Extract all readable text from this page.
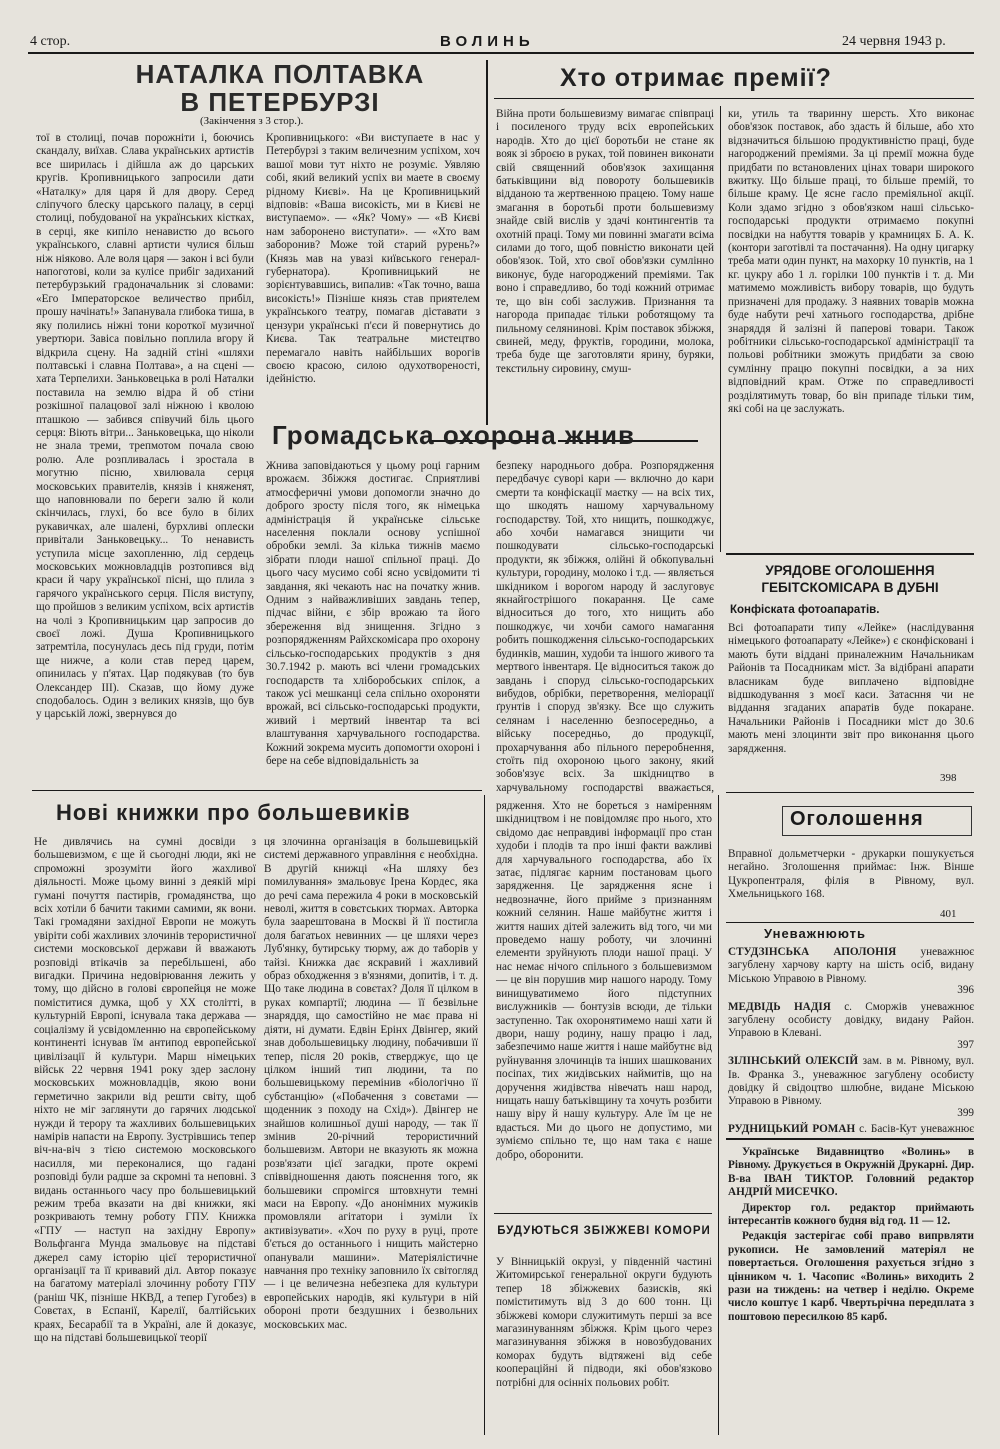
4 стор.	ВОЛИНЬ	24 червня 1943 р.
НАТАЛКА ПОЛТАВКА
В ПЕТЕРБУРЗІ
(Закінчення з 3 стор.).
тої в столиці, почав порожніти і, боючись скандалу, виїхав. Слава українських артистів все ширилась і дійшла аж до царських кругів. Кропивницького запросили дати «Наталку» для царя й для двору. Серед сліпучого блеску царського палацу, в серці столиці, побудованої на українських кістках, в серці, яке кипіло ненавистю до всього українського, славні артисти чулися більш ніж ніяково. Але воля царя — закон і всі були напоготові, коли за кулісе прибіг задиханий петербурзький градоначальник зі словами: «Его Імператорское величество прибіл, прошу начінать!» Запанувала глибока тиша, в яку полились ніжні тони короткої музичної увертюри. Завіса повільно поплила вгору й відкрила сцену. На задній стіні «шляхи полтавські і славна Полтава», а на сцені — хата Терпелихи. Заньковецька в ролі Наталки поставила на землю відра й об стіни розкішної палацової залі ніжною і кволою пташкою — забився співучий біль цього серця: Віють вітри... Заньковецька, що ніколи не знала треми, трепмотом почала свою ролю. Але розпливалась і зростала в могутню пісню, хвилювала серця московських правителів, князів і княженят, що наповнювали по береги залю й коли скінчилась, глухі, бо все було в білих рукавичках, але шалені, бурхливі оплески привітали Заньковецьку... То ненависть уступила місце захопленню, лід сердець московських можновладців розтопився від краси й чару української пісні, що плила з гарячого українського серця. Після виступу, що пройшов з великим успіхом, всіх артистів на чолі з Кропивницьким цар запросив до своєї ложі. Душа Кропивницького затремтіла, посунулась десь під груди, потім ще нижче, а коли став перед царем, опинилась у п'ятах. Цар подякував (то був Олександер III). Сказав, що йому дуже сподобалось. Один з великих князів, що був у царській ложі, звернувся до
Кропивницького: «Ви виступаете в нас у Петербурзі з таким величезним успіхом, хоч вашої мови тут ніхто не розуміє. Уявляю собі, який великий успіх ви маете в своєму рідному Києві». На це Кропивницький відповів: «Ваша високість, ми в Києві не виступаемо». — «Як? Чому» — «В Києві нам заборонено виступати». — «Хто вам заборонив? Може той старий рурень?» (Князь мав на увазі київського генерал-губернатора). Кропивницький не зорієнтувавшись, випалив: «Так точно, ваша високість!» Пізніше князь став приятелем українського театру, помагав діставати з цензури українські п'єси й повернутись до Києва. Так театральне мистецтво перемагало навіть найбільших ворогів своєю красою, силою одухотвореності, ідейністю.
Хто отримає премії?
Війна проти большевизму вимагає співпраці і посиленого труду всіх европейських народів. Хто до цієї боротьби не стане як вояк зі зброєю в руках, той повинен виконати свій священний обов'язок захищання батьківщини від повороту большевиків відданою та жертвенною працею. Тому наше змагання в боротьбі проти большевизму знайде свій вислів у здачі контингентів та охотній праці. Тому ми повинні змагати всіма силами до того, щоб повністю виконати цей обов'язок. Той, хто свої обов'язки сумлінно виконує, буде нагороджений преміями. Так воно і справедливо, бо тоді кожний отримає те, що він собі заслужив. Признання та нагорода припадає тільки роботящому та пильному селянинові. Крім поставок збіжжя, свиней, меду, фруктів, городини, молока, треба буде ще заготовляти ярину, буряки, текстильну сировину, смуш-
ки, утиль та тваринну шерсть. Хто виконає обов'язок поставок, або здасть й більше, або хто відзначиться більшою продуктивністю праці, буде нагороджений преміями. За ці премії можна буде придбати по встановлених цінах товари широкого вжитку. Що більше праці, то більше премій, то більше краму. Це ясне гасло преміяльної акції. Коли здамо згідно з обов'язком наші сільсько-господарські продукти отримаємо покупні посвідки на набуття товарів у крамницях Б. А. К. (контори заготівлі та постачання). На одну цигарку треба мати один пункт, на махорку 10 пунктів, на 1 кг. цукру або 1 л. горілки 100 пунктів і т. д. Ми матимемо можливість вибору товарів, що будуть призначені для продажу. З наявних товарів можна буде набути речі хатнього господарства, дрібне знаряддя й залізні й паперові товари. Також робітники сільсько-господарської адміністрації та польові робітники зможуть придбати за свою сумлінну працю покупні посвідки, а за них відповідний крам. Отже по справедливості розділятимуть товар, бо він припаде тільки тим, які собі на це заслужать.
Громадська охорона жнив
Жнива заповідаються у цьому році гарним врожаєм. Збіжжя достигає. Сприятливі атмосферичні умови допомогли значно до доброго зросту після того, як німецька адміністрація й українське сільське населення поклали основу успішної обробки землі. За кілька тижнів маємо зібрати плоди нашої спільної праці. До цього часу мусимо собі ясно усвідомити ті завдання, які чекають нас на початку жнив. Одним з найважливіших завдань тепер, підчас війни, є збір врожаю та його збереження від знищення. Згідно з розпорядженням Райхскомісара про охорону сільсько-господарських продуктів з дня 30.7.1942 р. мають всі члени громадських господарств та хліборобських спілок, а також усі мешканці села спільно охороняти врожай, всі сільсько-господарські продукти, живий і мертвий інвентар та всі влаштування харчувального господарства. Кожний зокрема мусить допомогти охороні і бере на себе відповідальність за
безпеку народнього добра. Розпорядження передбачує суворі кари — включно до кари смерти та конфіскації маєтку — на всіх тих, що шкодять нашому харчувальному господарству. Той, хто нищить, пошкоджує, або хочби намагався знищити чи пошкодувати сільсько-господарські продукти, як збіжжя, олійні й обкопувальні культури, городину, молоко і т.д. — являється шкідником і ворогом народу й заслуговує якнайгострішого покарання. Це саме відноситься до того, хто нищить або пошкоджує, чи хочби самого намагання робить пошкодження сільсько-господарських будинків, машин, худоби та іншого живого та мертвого інвентаря. Це відноситься також до завдань і споруд сільсько-господарських вибудов, обрібки, перетворення, меліорації ґрунтів і споруд зв'язку. Все що служить селянам і населенню безпосередньо, а війську посередньо, до продукції, прохарчування або пільного переробнення, стоїть під охороною цього закону, який зобов'язує всіх. За шкідництво в харчувальному господарстві вважається,
рядження. Хто не бореться з наміренням шкідництвом і не повідомляє про нього, хто свідомо дає неправдиві інформації про стан худоби і плодів та про інші факти важливі для харчувального господарства, або їх затає, підлягає карним постановам цього зарядження. Це зарядження ясне і недвозначне, його прийме з признанням кожний селянин. Наше майбутнє життя і життя наших дітей залежить від того, чи ми проведемо нашу роботу, чи злочинні елементи зруйнують плоди нашої праці. У нас немає нічого спільного з большевизмом — це він порушив мир нашого народу. Тому винищуватимемо його підступних вислужників — бонтузів всюди, де тільки заступенно. Так охоронятимемо наші хати й двори, нашу родину, нашу працю і лад, забезпечимо наше життя і наше майбутнє від руйнування злочинців та інших шашкованих посіпах, тих жидівських наймитів, що на доручення жидівства нівечать наш народ, нищать нашу батьківщину та хочуть розбити нашу віру й нашу культуру. Але їм це не вдасться. Ми до цього не допустимо, ми зуміємо спільно те, що нам така є наше добро, оборонити.
БУДУЮТЬСЯ ЗБІЖЖЕВІ КОМОРИ
У Вінницькій окрузі, у південній частині Житомирської генеральної округи будують тепер 18 збіжжевих базисків, які поміститимуть від 3 до 600 тонн. Ці збіжжеві комори служитимуть перші за все магазинуванням збіжжя. Крім цього через магазинування збіжжя в новозбудованих коморах будуть відтяжені від себе коопераційні й підводи, які обов'язково потрібні для осінніх польових робіт.
Нові книжки про большевиків
Не дивлячись на сумні досвіди з большевизмом, є ще й сьогодні люди, які не спроможні зрозуміти його жахливої діяльності. Може цьому винні з деякій мірі гумані почуття пастирів, громадянства, що всіх хотіли б бачити такими самими, як вони. Такі громадяни західної Европи не можуть увіріти собі жахливих злочинів терористичної системи московської держави й вважають розповіді втікачів за перебільшені, або вигадки. Причина недовірювання лежить у тому, що дійсно в голові європейця не може поміститися думка, щоб у ХХ столітті, в культурній Европі, існувала така держава — соціалізму й усвідомленню на європейському континенті існував їм антипод европейської цивілізації й культури. Марш німецьких військ 22 червня 1941 року здер заслону московських можновладців, якою вони герметично закрили від решти світу, щоб ніхто не міг заглянути до гарячих людської нужди й терору та жахливих большевицьких намірів напасти на Европу. Зустрівшись тепер віч-на-віч з тією системою московського насилля, ми переконалися, що гадані розповіді були радше за скромні та неповні. З видань останнього часу про большевицький режим треба вказати на дві книжки, які розкривають темну роботу ГПУ. Книжка «ГПУ — наступ на західну Европу» Вольфганга Мунда змальовує на підставі джерел саму історію цієї терористичної організації та її кривавий діл. Автор показує на багатому матеріалі злочинну роботу ГПУ (раніш ЧК, пізніше НКВД, а тепер Гугобез) в Совєтах, в Еспанії, Карелії, балтійських краях, Бесарабії та в Україні, але й доказує, що на підставі большевицької теорії
ця злочинна організація в большевицькій системі державного управління є необхідна. В другій книжці «На шляху без помилування» змальовує Ірена Кордес, яка до речі сама пережила 4 роки в московській неволі, життя в совєтських тюрмах. Авторка була заарештована в Москві й її постигла доля багатьох невинних — це шляхи через Луб'янку, бутирську тюрму, аж до таборів у тайзі. Книжка дає яскравий і жахливий образ обходження з в'язнями, допитів, і т. д. Що таке людина в совєтах? Доля її цілком в руках компартії; людина — її безвільне знаряддя, що самостійно не має права ні діяти, ні думати. Едвін Ерінх Двінгер, який знав добольшевицьку людину, побачивши її тепер, після 20 років, стверджує, що це цілком інший тип людини, та по большевицькому перемінив «біологічно її субстанцію» («Побачення з совєтами — щоденник з походу на Схід»). Двінгер не знайшов колишньої душі народу, — так її змінив 20-річний терористичний большевизм. Автори не вказують як можна розв'язати цієї загадки, проте окремі співвідношення дають пояснення того, як большевики спромігся штовхнути темні маси на Европу. «До анонімних мужиків промовляли агітатори і зуміли їх активізувати». «Хоч по руху в руці, проте б'ється до останнього і нищить майстерно опанували машини». Матеріялістичне навчання про техніку заповнило їх світогляд — і це величезна небезпека для культури европейських народів, які культури в ній обороні проти бездушних і безвольних московських мас.
УРЯДОВЕ ОГОЛОШЕННЯ
ГЕБІТСКОМІСАРА В ДУБНІ
Конфіската фотоапаратів.
Всі фотоапарати типу «Лейке» (наслідування німецького фотоапарату «Лейке») є сконфісковані і мають бути віддані приналежним Начальникам Районів та Посадникам міст. За відібрані апарати власникам буде виплачено відповідне відшкодування з моєї каси. Затасння чи не віддання згаданих апаратів буде покаране. Начальники Районів і Посадники міст до 30.6 мають мені злоцинти звіт про виконання цього зарядження.
398
Оголошення
Вправної дольметчерки - друкарки пошукується негайно. Зголошення приймає: Інж. Вінше Цукропентраля, філія в Рівному, вул. Хмельницького 168.
401
Уневажнюють

СТУДЗІНСЬКА АПОЛОНІЯ уневажнює загублену харчову карту на шість осіб, видану Міською Управою в Рівному.
396

МЕДВІДЬ НАДІЯ с. Сморжів уневажнює загублену особисту довідку, видану Район. Управою в Клевані.
397

ЗІЛІНСЬКИЙ ОЛЕКСІЙ зам. в м. Рівному, вул. Ів. Франка 3., уневажнює загублену особисту довідку й свідоцтво шлюбне, видане Міською Управою в Рівному.
399

РУДНИЦЬКИЙ РОМАН с. Басів-Кут уневажнює

Українське Видавництво «Волинь» в Рівному. Друкується в Окружній Друкарні. Дир. В-ва ІВАН ТИКТОР. Головний редактор АНДРІЙ МИСЕЧКО.

Директор гол. редактор приймають інтересантів кожного будня від год. 11 — 12.

Редакція застерігає собі право випрвляти рукописи. Не замовлений матеріял не повертається. Оголошення рахується згідно з цінником ч. 1. Часопис «Волинь» виходить 2 рази на тиждень: на четвер і неділю. Окреме число коштує 1 карб. Чвертьрічна передплата з поштовою пересилкою 85 карб.
